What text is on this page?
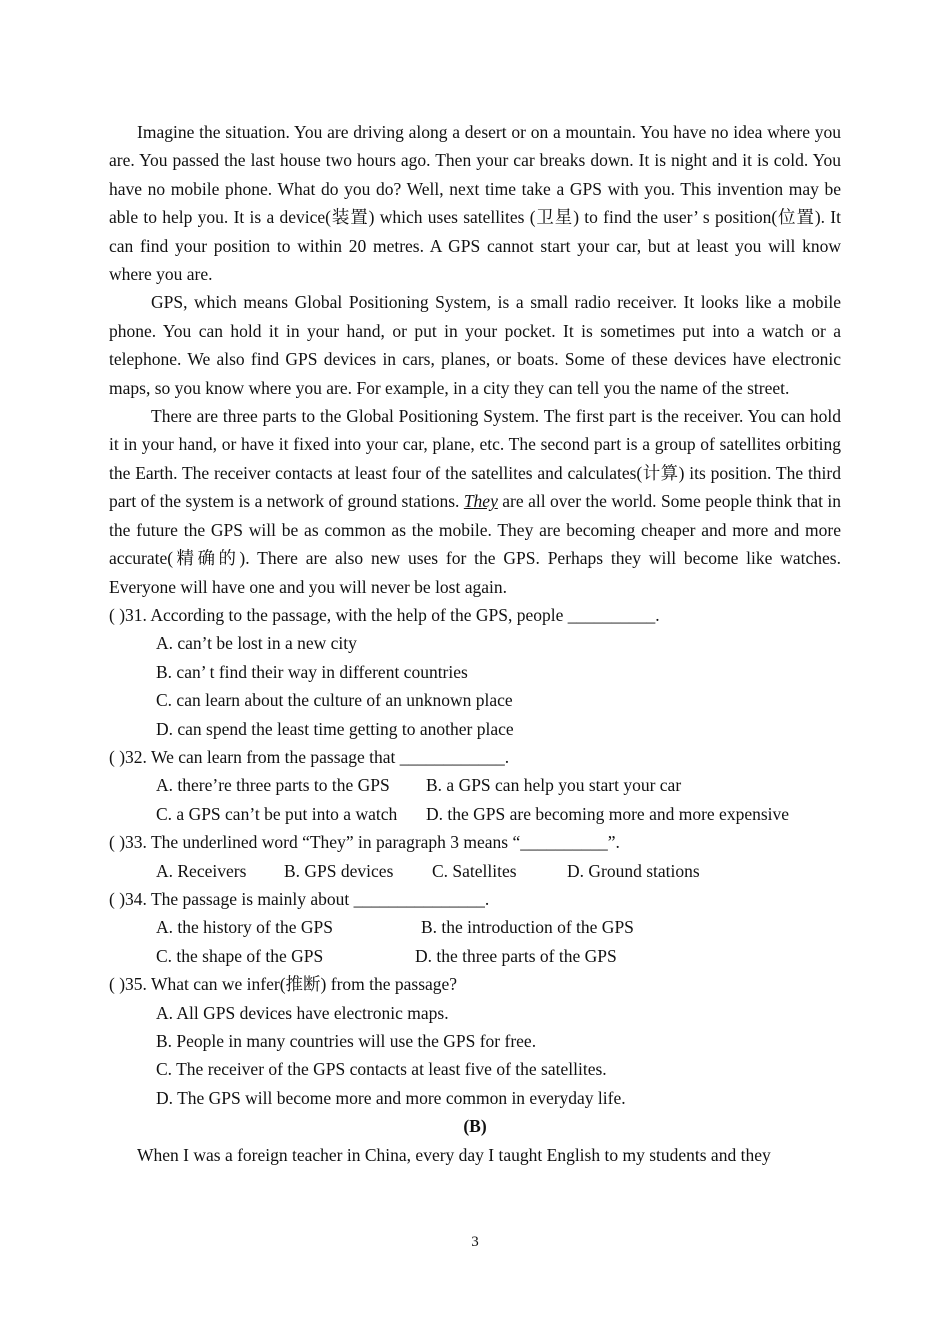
Imagine the situation. You are driving along a desert or on a mountain. You have no idea where you are. You passed the last house two hours ago. Then your car breaks down. It is night and it is cold. You have no mobile phone. What do you do? Well, next time take a GPS with you. This invention may be able to help you. It is a device(装置) which uses satellites (卫星) to find the user’ s position(位置). It can find your position to within 20 metres. A GPS cannot start your car, but at least you will know where you are.

GPS, which means Global Positioning System, is a small radio receiver. It looks like a mobile phone. You can hold it in your hand, or put in your pocket. It is sometimes put into a watch or a telephone. We also find GPS devices in cars, planes, or boats. Some of these devices have electronic maps, so you know where you are. For example, in a city they can tell you the name of the street.

There are three parts to the Global Positioning System. The first part is the receiver. You can hold it in your hand, or have it fixed into your car, plane, etc. The second part is a group of satellites orbiting the Earth. The receiver contacts at least four of the satellites and calculates(计算) its position. The third part of the system is a network of ground stations. They are all over the world. Some people think that in the future the GPS will be as common as the mobile. They are becoming cheaper and more and more accurate(精确的). There are also new uses for the GPS. Perhaps they will become like watches. Everyone will have one and you will never be lost again.

( )31. According to the passage, with the help of the GPS, people __________.

A. can’t be lost in a new city

B. can’ t find their way in different countries

C. can learn about the culture of an unknown place

D. can spend the least time getting to another place

( )32. We can learn from the passage that ____________.

A. there’re three parts to the GPS B. a GPS can help you start your car

C. a GPS can’t be put into a watch D. the GPS are becoming more and more expensive

( )33. The underlined word “They” in paragraph 3 means “__________”.

A. Receivers B. GPS devices C. Satellites	D. Ground stations

( )34. The passage is mainly about _______________.

A. the history of the GPS	B. the introduction of the GPS

C. the shape of the GPS	D. the three parts of the GPS

( )35. What can we infer(推断) from the passage?

A. All GPS devices have electronic maps.

B. People in many countries will use the GPS for free.

C. The receiver of the GPS contacts at least five of the satellites.

D. The GPS will become more and more common in everyday life.

(B)

When I was a foreign teacher in China, every day I taught English to my students and they

3
